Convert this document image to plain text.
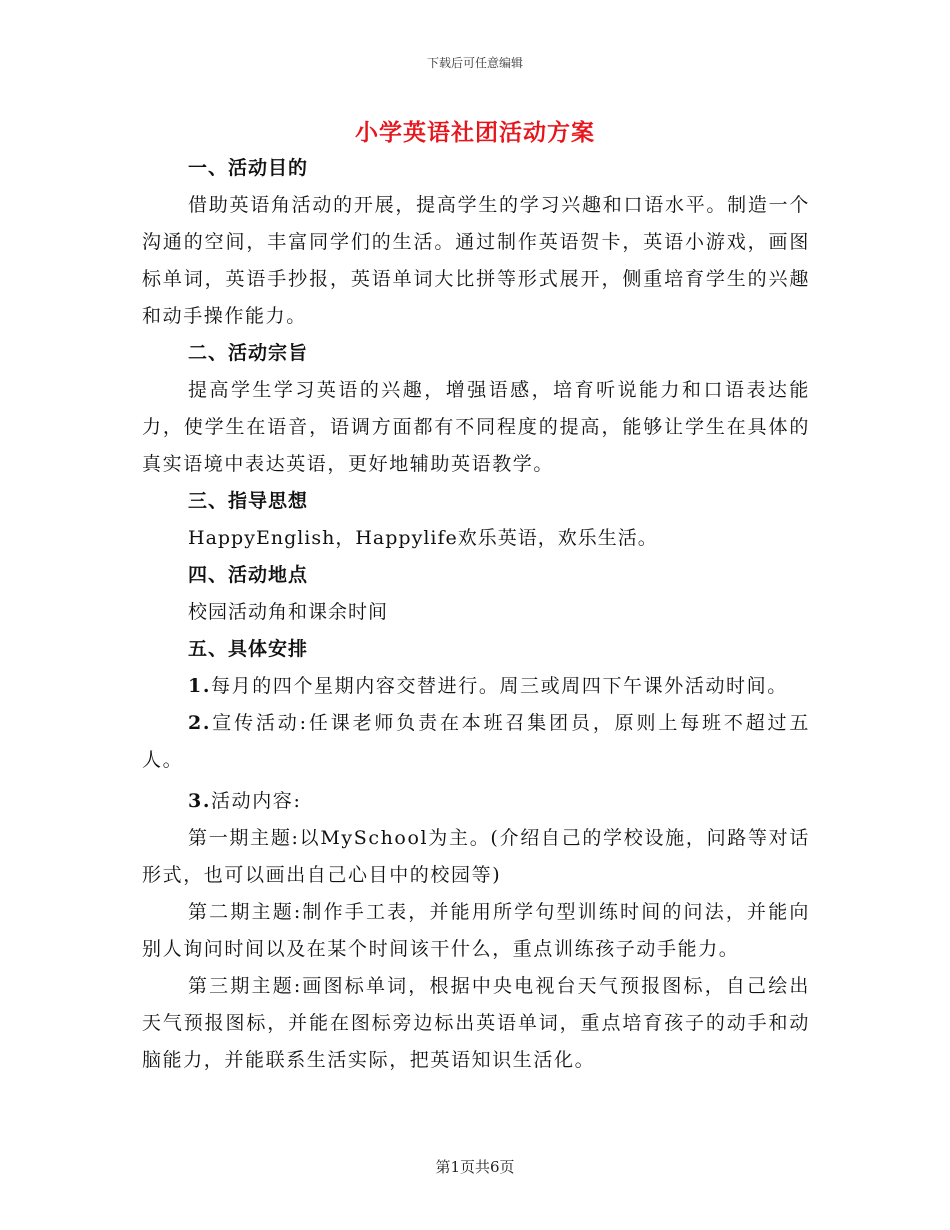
下载后可任意编辑
小学英语社团活动方案
一、活动目的

借助英语角活动的开展，提高学生的学习兴趣和口语水平。制造一个沟通的空间，丰富同学们的生活。通过制作英语贺卡，英语小游戏，画图标单词，英语手抄报，英语单词大比拼等形式展开，侧重培育学生的兴趣和动手操作能力。

二、活动宗旨

提高学生学习英语的兴趣，增强语感，培育听说能力和口语表达能力，使学生在语音，语调方面都有不同程度的提高，能够让学生在具体的真实语境中表达英语，更好地辅助英语教学。

三、指导思想

HappyEnglish，Happylife欢乐英语，欢乐生活。

四、活动地点

校园活动角和课余时间

五、具体安排

1.每月的四个星期内容交替进行。周三或周四下午课外活动时间。

2.宣传活动:任课老师负责在本班召集团员，原则上每班不超过五人。

3.活动内容:

第一期主题:以MySchool为主。(介绍自己的学校设施，问路等对话形式，也可以画出自己心目中的校园等)

第二期主题:制作手工表，并能用所学句型训练时间的问法，并能向别人询问时间以及在某个时间该干什么，重点训练孩子动手能力。

第三期主题:画图标单词，根据中央电视台天气预报图标，自己绘出天气预报图标，并能在图标旁边标出英语单词，重点培育孩子的动手和动脑能力，并能联系生活实际，把英语知识生活化。

第1页共6页
